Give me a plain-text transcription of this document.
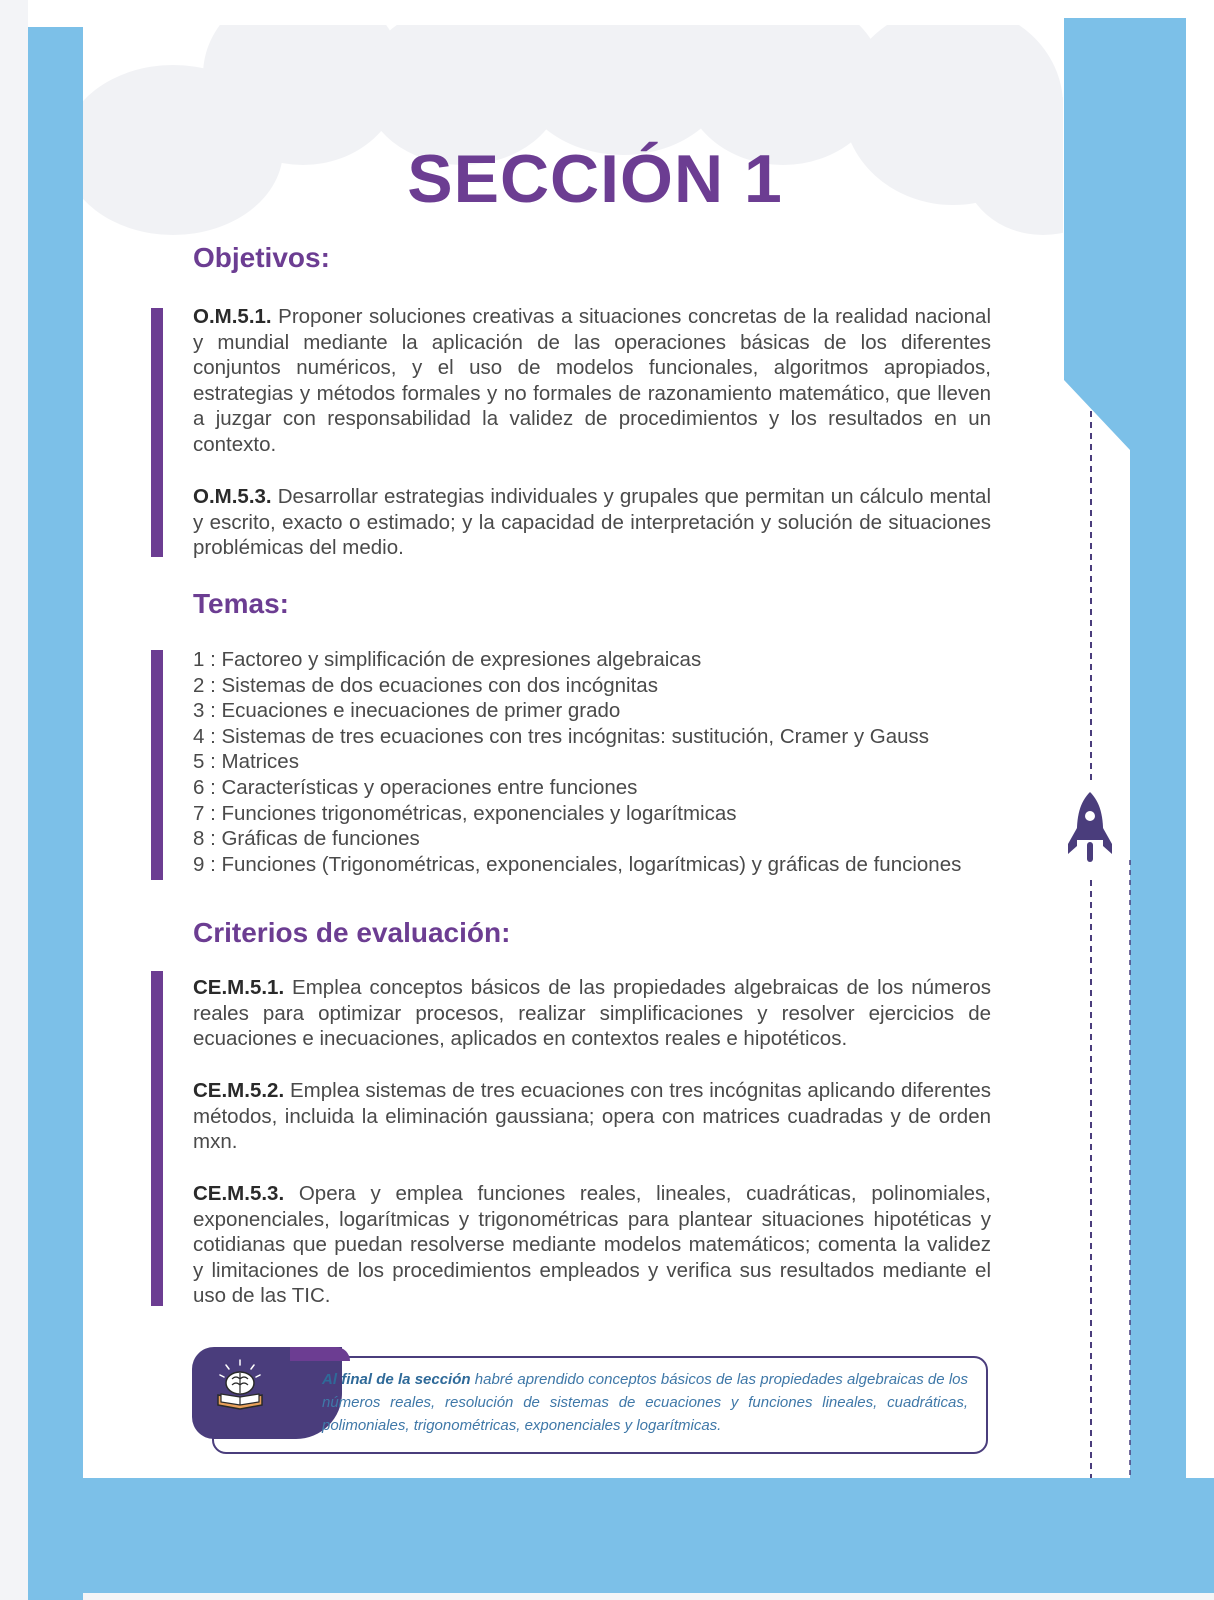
SECCIÓN 1
Objetivos:
O.M.5.1. Proponer soluciones creativas a situaciones concretas de la realidad nacional y mundial mediante la aplicación de las operaciones básicas de los diferentes conjuntos numéricos, y el uso de modelos funcionales, algoritmos apropiados, estrategias y métodos formales y no formales de razonamiento matemático, que lleven a juzgar con responsabilidad la validez de procedimientos y los resultados en un contexto.
O.M.5.3. Desarrollar estrategias individuales y grupales que permitan un cálculo mental y escrito, exacto o estimado; y la capacidad de interpretación y solución de situaciones problémicas del medio.
Temas:
1 : Factoreo y simplificación de expresiones algebraicas
2 : Sistemas de dos ecuaciones con dos incógnitas
3 : Ecuaciones e inecuaciones de primer grado
4 : Sistemas de tres ecuaciones con tres incógnitas: sustitución, Cramer y Gauss
5 : Matrices
6 : Características y operaciones entre funciones
7 : Funciones trigonométricas, exponenciales y logarítmicas
8 : Gráficas de funciones
9 : Funciones (Trigonométricas, exponenciales, logarítmicas) y gráficas de funciones
Criterios de evaluación:
CE.M.5.1. Emplea conceptos básicos de las propiedades algebraicas de los números reales para optimizar procesos, realizar simplificaciones y resolver ejercicios de ecuaciones e inecuaciones, aplicados en contextos reales e hipotéticos.
CE.M.5.2. Emplea sistemas de tres ecuaciones con tres incógnitas aplicando diferentes métodos, incluida la eliminación gaussiana; opera con matrices cuadradas y de orden mxn.
CE.M.5.3. Opera y emplea funciones reales, lineales, cuadráticas, polinomiales, exponenciales, logarítmicas y trigonométricas para plantear situaciones hipotéticas y cotidianas que puedan resolverse mediante modelos matemáticos; comenta la validez y limitaciones de los procedimientos empleados y verifica sus resultados mediante el uso de las TIC.
Al final de la sección habré aprendido conceptos básicos de las propiedades algebraicas de los números reales, resolución de sistemas de ecuaciones y funciones lineales, cuadráticas, polimoniales, trigonométricas, exponenciales y logarítmicas.
